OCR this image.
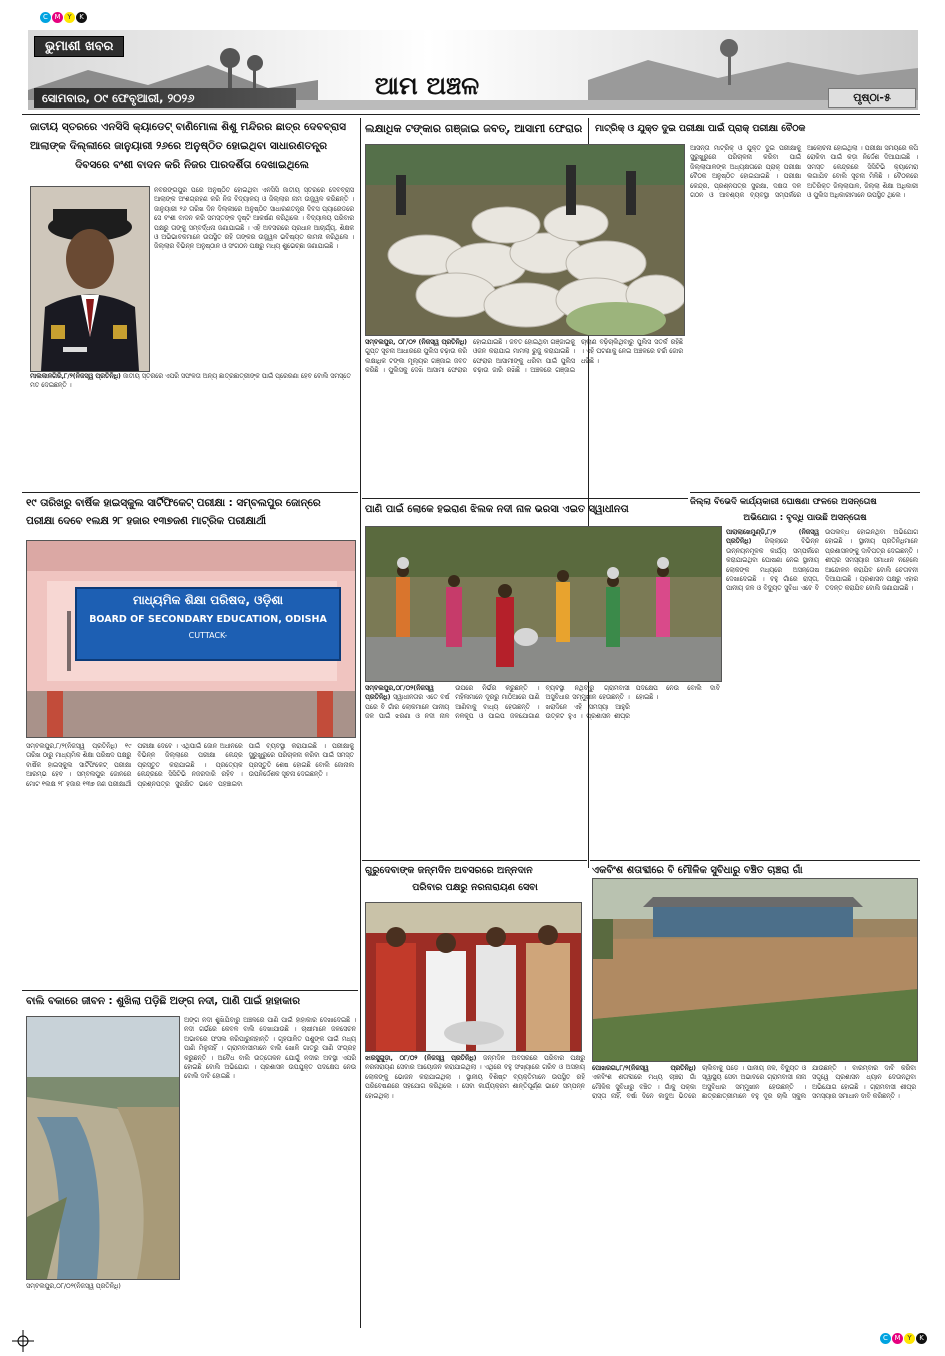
C M Y	K
C M Y	K
ଭୁମାଶୀ ଖବର
ସୋମବାର, ୦୯ ଫେବୃଆରୀ, ୨୦୨୬	ଆମ ଅଞ୍ଚଳ	ପୃଷ୍ଠା-୫
ଜାତୀୟ ସ୍ତରରେ ଏନସିସି କ୍ୟାଡେଟ୍ ବାଣିମୋଳା ଶିଶୁ ମନ୍ଦିରର ଛାତ୍ର ଦେବବ୍ରାସ
ଆଲାଙ୍କ ଦିଲ୍ଲୀରେ ଜାନୁୟାରୀ ୨୬ରେ ଅନୁଷ୍ଠିତ ହୋଇଥିବା ସାଧାରଣତନ୍ତ୍ର
ଦିବସରେ ବଂଶୀ ବାଦନ କରି ନିଜର ପାରଦର୍ଶିତା ଦେଖାଇଥିଲେ
ନବରଙ୍ଗପୁର ପରେ ଅନୁଷ୍ଠିତ ହୋଇଥିବା ଏନସିସି ଜାତୀୟ ସ୍ତରରେ ଦେବବ୍ରାସ ଆଲାଙ୍କ ଅଂଶଗ୍ରହଣ କରି ନିଜ ବିଦ୍ୟାଳୟ ଓ ଜିଲ୍ଲାର ନାମ ଉଜ୍ଜ୍ୱଳ କରିଛନ୍ତି । ଜାନୁୟାରୀ ୨୬ ତାରିଖ ଦିନ ଦିଲ୍ଲୀରେ ଅନୁଷ୍ଠିତ ସାଧାରଣତନ୍ତ୍ର ଦିବସ ପ୍ୟାରେଡରେ ସେ ବଂଶୀ ବାଦନ କରି ସମସ୍ତଙ୍କ ଦୃଷ୍ଟି ଆକର୍ଷଣ କରିଥିଲେ । ବିଦ୍ୟାଳୟ ପରିବାର ପକ୍ଷରୁ ତାଙ୍କୁ ସମ୍ବର୍ଦ୍ଧନା ଜଣାଯାଇଛି । ଏହି ଅବସରରେ ପ୍ରଧାନ ଆଚାର୍ଯ୍ୟ, ଶିକ୍ଷକ ଓ ଅଭିଭାବକମାନେ ଉପସ୍ଥିତ ରହି ତାଙ୍କର ଉଜ୍ଜ୍ୱଳ ଭବିଷ୍ୟତ କାମନା କରିଥିଲେ । ଜିଲ୍ଲାର ବିଭିନ୍ନ ଅନୁଷ୍ଠାନ ଓ ସଂଗଠନ ପକ୍ଷରୁ ମଧ୍ୟ ଶୁଭେଚ୍ଛା ଜଣାଯାଇଛି ।
ମାଲକାନଗିରି,୮/୨(ନିଜସ୍ୱ ପ୍ରତିନିଧି) ଜାତୀୟ ସ୍ତରରେ ଏପରି ସଫଳତା ଅନ୍ୟ ଛାତ୍ରଛାତ୍ରୀଙ୍କ ପାଇଁ ପ୍ରେରଣା ହେବ ବୋଲି ସମସ୍ତେ ମତ ଦେଇଛନ୍ତି ।
୧୯ ତାରିଖରୁ ବାର୍ଷିକ ହାଇସ୍କୁଲ ସାର୍ଟିଫିକେଟ୍ ପରୀକ୍ଷା : ସମ୍ବଲପୁର ଜୋନ୍‌ରେ
ପରୀକ୍ଷା ଦେବେ ୧ଲକ୍ଷ ୨୮ ହଜାର ୧୩୭ଜଣ ମାଟ୍ରିକ ପରୀକ୍ଷାର୍ଥୀ
ମାଧ୍ୟମିକ ଶିକ୍ଷା ପରିଷଦ, ଓଡ଼ିଶା
BOARD OF SECONDARY EDUCATION, ODISHA
CUTTACK-
ସମ୍ବଲପୁର,୮/୨(ନିଜସ୍ୱ ପ୍ରତିନିଧି) ୧୯ ତାରିଖ ଠାରୁ ମାଧ୍ୟମିକ ଶିକ୍ଷା ପରିଷଦ ପକ୍ଷରୁ ବାର୍ଷିକ ହାଇସ୍କୁଲ ସାର୍ଟିଫିକେଟ୍ ପରୀକ୍ଷା ଆରମ୍ଭ ହେବ । ସମ୍ବଲପୁର ଜୋନରେ ମୋଟ ୧ଲକ୍ଷ ୨୮ ହଜାର ୧୩୭ ଜଣ ପରୀକ୍ଷାର୍ଥୀ ପରୀକ୍ଷା ଦେବେ । ଏଥିପାଇଁ ଜୋନ ଅଧୀନରେ ବିଭିନ୍ନ ଜିଲ୍ଲାରେ ପରୀକ୍ଷା କେନ୍ଦ୍ର ପ୍ରସ୍ତୁତ କରାଯାଇଛି । ପ୍ରତ୍ୟେକ କେନ୍ଦ୍ରରେ ସିସିଟିଭି ନଜରଦାରି ରହିବ । ପ୍ରଶ୍ନପତ୍ର ସୁରକ୍ଷିତ ଭାବେ ପହଞ୍ଚାଇବା ପାଇଁ ବ୍ୟବସ୍ଥା କରାଯାଇଛି । ପରୀକ୍ଷାକୁ ସୁରୁଖୁରୁରେ ପରିଚାଳନା କରିବା ପାଇଁ ସମସ୍ତ ପ୍ରସ୍ତୁତି ଶେଷ ହୋଇଛି ବୋଲି ଜୋନାଲ ଉପନିର୍ଦ୍ଦେଶକ ସୂଚନା ଦେଇଛନ୍ତି ।
ବାଲି ବକାରେ ଜୀବନ : ଶୁଖିଲା ପଡ଼ିଛି ଅଙ୍ଗ ନଦୀ, ପାଣି ପାଇଁ ହାହାକାର
ଅଙ୍ଗ ନଦୀ ଶୁଖିଯିବାରୁ ଅଞ୍ଚଳରେ ପାଣି ପାଇଁ ହାହାକାର ଦେଖାଦେଇଛି । ନଦୀ ଗର୍ଭରେ କେବଳ ବାଲି ଦେଖାଯାଉଛି । ଚାଷୀମାନେ ଜଳସେଚନ ଅଭାବରେ ଫସଲ କରିପାରୁନାହାନ୍ତି । ଗୃହପାଳିତ ପଶୁଙ୍କ ପାଇଁ ମଧ୍ୟ ପାଣି ମିଳୁନାହିଁ । ଗ୍ରାମବାସୀମାନେ ବାଲି ଖୋଳି ଗାତରୁ ପାଣି ସଂଗ୍ରହ କରୁଛନ୍ତି । ଅବୈଧ ବାଲି ଉତ୍ତୋଳନ ଯୋଗୁଁ ନଦୀର ଅବସ୍ଥା ଏପରି ହୋଇଛି ବୋଲି ଅଭିଯୋଗ । ପ୍ରଶାସନ ଉପଯୁକ୍ତ ପଦକ୍ଷେପ ନେଉ ବୋଲି ଦାବି ହୋଇଛି ।
ସମ୍ବଲପୁର,୦୮/୦୨(ନିଜସ୍ୱ ପ୍ରତିନିଧି)
ଲକ୍ଷାଧିକ ଟଙ୍କାର ଗଞ୍ଜାଇ ଜବତ୍, ଆସାମୀ ଫେରାର
ସମ୍ବଲପୁର, ୦୮/୦୨ (ନିଜସ୍ୱ ପ୍ରତିନିଧି) ଗୁପ୍ତ ସୂଚନା ଆଧାରରେ ପୁଲିସ ଚଢ଼ାଉ କରି ଲକ୍ଷାଧିକ ଟଙ୍କା ମୂଲ୍ୟର ଗଞ୍ଜାଇ ଜବତ କରିଛି । ପୁଲିସକୁ ଦେଖି ଆସାମୀ ଫେରାର ହୋଇଯାଇଛି । ଜବତ ହୋଇଥିବା ଗଞ୍ଜାଇକୁ ଓଜନ କରାଯାଇ ମାମଲା ରୁଜୁ କରାଯାଇଛି । ଫେରାର ଆସାମୀଙ୍କୁ ଧରିବା ପାଇଁ ପୁଲିସ ଚଢ଼ାଉ ଜାରି ରଖିଛି । ଅଞ୍ଚଳରେ ଗଞ୍ଜାଇ ଚାଲାଣ ବଢ଼ିଚାଲିଥିବାରୁ ପୁଲିସ ସତର୍କ ରହିଛି । ଏହି ଘଟଣାକୁ ନେଇ ଅଞ୍ଚଳରେ ଚର୍ଚ୍ଚା ଜୋର ଧରିଛି ।
ପାଣି ପାଇଁ ଲୋକେ ହଇରାଣ ଝିଲକ ନଦୀ ନାଳ ଭରସା ଏଇତ ସ୍ୱାଧୀନତା
ସମ୍ବଲପୁର,୦୮/୦୨(ନିଜସ୍ୱ ପ୍ରତିନିଧି) ସ୍ୱାଧୀନତାର ଏତେ ବର୍ଷ ପରେ ବି ଗାଁର ଲୋକମାନେ ପାନୀୟ ଜଳ ପାଇଁ ଝରଣା ଓ ନଦୀ ନାଳ ଉପରେ ନିର୍ଭର କରୁଛନ୍ତି । ମହିଳାମାନେ ଦୂରରୁ ମାଠିଆରେ ପାଣି ଆଣିବାକୁ ବାଧ୍ୟ ହେଉଛନ୍ତି । ନଳକୂପ ଓ ପାଇପ ଜଳଯୋଗାଣ ବ୍ୟବସ୍ଥା ନଥିବାରୁ ଗ୍ରାମବାସୀ ଅସୁବିଧାର ସମ୍ମୁଖୀନ ହେଉଛନ୍ତି । ଖରାଦିନେ ଏହି ସମସ୍ୟା ଆହୁରି ଉତ୍କଟ ହୁଏ । ପ୍ରଶାସନ ଶୀଘ୍ର ପଦକ୍ଷେପ ନେଉ ବୋଲି ଦାବି ହୋଇଛି ।
ଗୁରୁଦେବାଙ୍କ ଜନ୍ମଦିନ ଅବସରରେ ଅନ୍ନଦାନ
ପରିବାର ପକ୍ଷରୁ ନରନାରାୟଣ ସେବା
ଝାରସୁଗୁଡ଼ା, ୦୮/୦୨ (ନିଜସ୍ୱ ପ୍ରତିନିଧି) ଜନ୍ମଦିନ ଅବସରରେ ପରିବାର ପକ୍ଷରୁ ନରନାରାୟଣ ସେବାର ଆୟୋଜନ କରାଯାଇଥିଲା । ଏଥିରେ ବହୁ ସଂଖ୍ୟାରେ ଗରିବ ଓ ଅସହାୟ ଲୋକଙ୍କୁ ଭୋଜନ କରାଯାଇଥିଲା । ସ୍ଥାନୀୟ ବିଶିଷ୍ଟ ବ୍ୟକ୍ତିମାନେ ଉପସ୍ଥିତ ରହି ପରିବେଷଣରେ ସହଯୋଗ କରିଥିଲେ । ସେବା କାର୍ଯ୍ୟକ୍ରମ ଶାନ୍ତିପୂର୍ଣ୍ଣ ଭାବେ ସମ୍ପନ୍ନ ହୋଇଥିଲା ।
ମାଟ୍ରିକ୍ ଓ ଯୁକ୍ତ ଦୁଇ ପରୀକ୍ଷା ପାଇଁ ପ୍ରାକ୍ ପରୀକ୍ଷା ବୈଠକ
ଆସନ୍ତା ମାଟ୍ରିକ୍ ଓ ଯୁକ୍ତ ଦୁଇ ପରୀକ୍ଷାକୁ ସୁରୁଖୁରୁରେ ପରିଚାଳନା କରିବା ପାଇଁ ଜିଲ୍ଲାପାଳଙ୍କ ଅଧ୍ୟକ୍ଷତାରେ ପ୍ରାକ୍ ପରୀକ୍ଷା ବୈଠକ ଅନୁଷ୍ଠିତ ହୋଇଯାଇଛି । ପରୀକ୍ଷା କେନ୍ଦ୍ର, ପ୍ରଶ୍ନପତ୍ର ସୁରକ୍ଷା, ଦକ୍ଷତା ଦଳ ଗଠନ ଓ ଆବଶ୍ୟକ ବ୍ୟବସ୍ଥା ସମ୍ପର୍କରେ ଆଲୋଚନା ହୋଇଥିଲା । ପରୀକ୍ଷା ସମୟରେ କପି ରୋକିବା ପାଇଁ କଡ଼ା ନିର୍ଦ୍ଦେଶ ଦିଆଯାଇଛି । ସମସ୍ତ କେନ୍ଦ୍ରରେ ସିସିଟିଭି କ୍ୟାମେରା ଲଗାଯିବ ବୋଲି ସୂଚନା ମିଳିଛି । ବୈଠକରେ ଅତିରିକ୍ତ ଜିଲ୍ଲାପାଳ, ଜିଲ୍ଲା ଶିକ୍ଷା ଅଧିକାରୀ ଓ ପୁଲିସ ଅଧିକାରୀମାନେ ଉପସ୍ଥିତ ଥିଲେ ।
ଜିଲ୍ଲା ବିଭେଦି କାର୍ଯ୍ୟକାରୀ ଘୋଷଣା ଫଳରେ ଅସନ୍ତୋଷ
ଅଭିଯୋଗ : ବୃଦ୍ଧି ପାଉଛି ଅସନ୍ତୋଷ
ପାରାଲାଖେମୁଣ୍ଡି,୮/୨ (ନିଜସ୍ୱ ପ୍ରତିନିଧି) ଜିଲ୍ଲାରେ ବିଭିନ୍ନ ଉନ୍ନୟନମୂଳକ କାର୍ଯ୍ୟ ସମ୍ପର୍କରେ କରାଯାଇଥିବା ଘୋଷଣା ନେଇ ସ୍ଥାନୀୟ ଲୋକଙ୍କ ମଧ୍ୟରେ ଅସନ୍ତୋଷ ଦେଖାଦେଇଛି । ବହୁ ଗାଁରେ ରାସ୍ତା, ପାନୀୟ ଜଳ ଓ ବିଦ୍ୟୁତ ସୁବିଧା ଏବେ ବି ଉପଲବ୍ଧ ହୋଇନଥିବା ଅଭିଯୋଗ ହୋଇଛି । ସ୍ଥାନୀୟ ପ୍ରତିନିଧିମାନେ ପ୍ରଶାସନଙ୍କୁ ଦାବିପତ୍ର ଦେଇଛନ୍ତି । ଶୀଘ୍ର ସମସ୍ୟାର ସମାଧାନ ନହେଲେ ଆନ୍ଦୋଳନ କରାଯିବ ବୋଲି ଚେତାବନୀ ଦିଆଯାଇଛି । ପ୍ରଶାସନ ପକ୍ଷରୁ ଏହାର ତଦନ୍ତ କରାଯିବ ବୋଲି ଜଣାଯାଇଛି ।
ଏକବିଂଶ ଶତାବ୍ଦୀରେ ବି ମୌଳିକ ସୁବିଧାରୁ ବଞ୍ଚିତ ଚାଞ୍ଚରା ଗାଁ
ପୋଖରଗା,୮/୨(ନିଜସ୍ୱ ପ୍ରତିନିଧି) ଏକବିଂଶ ଶତାବ୍ଦୀରେ ମଧ୍ୟ ଚାଞ୍ଚରା ଗାଁ ମୌଳିକ ସୁବିଧାରୁ ବଞ୍ଚିତ । ଗାଁକୁ ପକ୍କା ରାସ୍ତା ନାହିଁ, ବର୍ଷା ଦିନେ କାଦୁଅ ଭିତରେ ଚାଲିବାକୁ ପଡ଼େ । ପାନୀୟ ଜଳ, ବିଦ୍ୟୁତ ଓ ସ୍ୱାସ୍ଥ୍ୟ ସେବା ଅଭାବରେ ଗ୍ରାମବାସୀ ନାନା ଅସୁବିଧାର ସମ୍ମୁଖୀନ ହେଉଛନ୍ତି । ଛାତ୍ରଛାତ୍ରୀମାନେ ବହୁ ଦୂର ଚାଲି ସ୍କୁଲ ଯାଉଛନ୍ତି । ବାରମ୍ବାର ଦାବି କରିବା ସତ୍ତ୍ୱେ ପ୍ରଶାସନ ଧ୍ୟାନ ଦେଉନଥିବା ଅଭିଯୋଗ ହୋଇଛି । ଗ୍ରାମବାସୀ ଶୀଘ୍ର ସମସ୍ୟାର ସମାଧାନ ଦାବି କରିଛନ୍ତି ।
